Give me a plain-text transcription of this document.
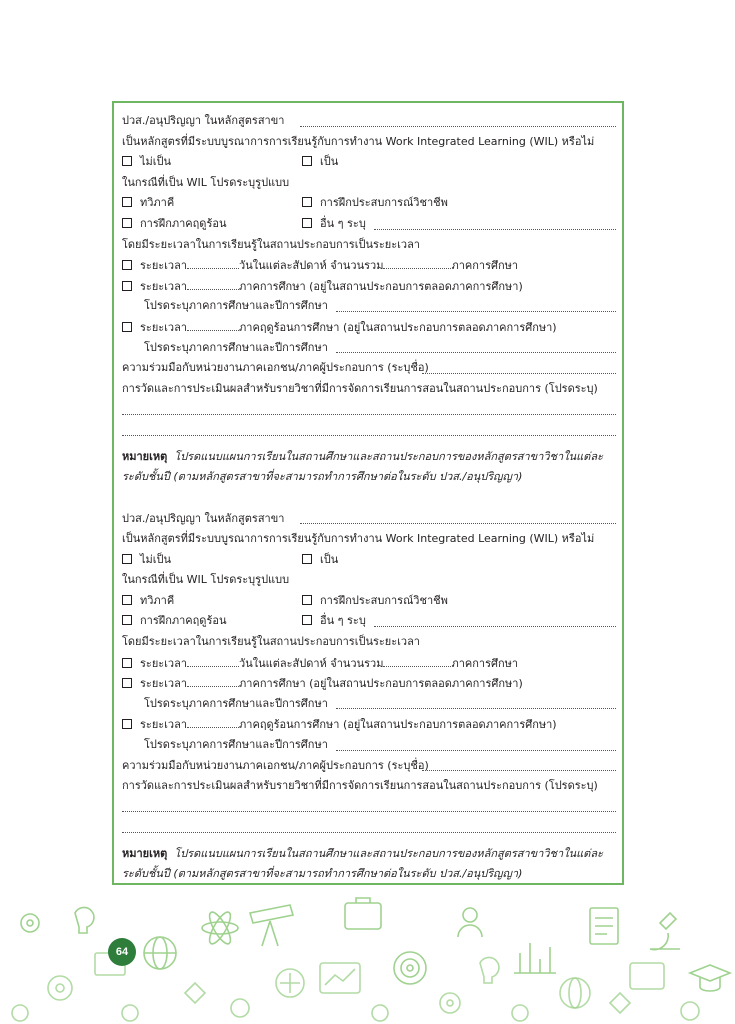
ปวส./อนุปริญญา ในหลักสูตรสาขา
เป็นหลักสูตรที่มีระบบบูรณาการการเรียนรู้กับการทำงาน Work Integrated Learning (WIL) หรือไม่
ไม่เป็น	เป็น
ในกรณีที่เป็น WIL โปรดระบุรูปแบบ
ทวิภาคี	การฝึกประสบการณ์วิชาชีพ
การฝึกภาคฤดูร้อน	อื่น ๆ ระบุ
โดยมีระยะเวลาในการเรียนรู้ในสถานประกอบการเป็นระยะเวลา
ระยะเวลา	วันในแต่ละสัปดาห์ จำนวนรวม	ภาคการศึกษา
ระยะเวลา	ภาคการศึกษา (อยู่ในสถานประกอบการตลอดภาคการศึกษา)
โปรดระบุภาคการศึกษาและปีการศึกษา
ระยะเวลา	ภาคฤดูร้อนการศึกษา (อยู่ในสถานประกอบการตลอดภาคการศึกษา)
โปรดระบุภาคการศึกษาและปีการศึกษา
ความร่วมมือกับหน่วยงานภาคเอกชน/ภาคผู้ประกอบการ (ระบุชื่อ)
การวัดและการประเมินผลสำหรับรายวิชาที่มีการจัดการเรียนการสอนในสถานประกอบการ (โปรดระบุ)
หมายเหตุ โปรดแนบแผนการเรียนในสถานศึกษาและสถานประกอบการของหลักสูตรสาขาวิชาในแต่ละระดับชั้นปี (ตามหลักสูตรสาขาที่จะสามารถทำการศึกษาต่อในระดับ ปวส./อนุปริญญา)
ปวส./อนุปริญญา ในหลักสูตรสาขา
เป็นหลักสูตรที่มีระบบบูรณาการการเรียนรู้กับการทำงาน Work Integrated Learning (WIL) หรือไม่
ไม่เป็น	เป็น
ในกรณีที่เป็น WIL โปรดระบุรูปแบบ
ทวิภาคี	การฝึกประสบการณ์วิชาชีพ
การฝึกภาคฤดูร้อน	อื่น ๆ ระบุ
โดยมีระยะเวลาในการเรียนรู้ในสถานประกอบการเป็นระยะเวลา
ระยะเวลา	วันในแต่ละสัปดาห์ จำนวนรวม	ภาคการศึกษา
ระยะเวลา	ภาคการศึกษา (อยู่ในสถานประกอบการตลอดภาคการศึกษา)
โปรดระบุภาคการศึกษาและปีการศึกษา
ระยะเวลา	ภาคฤดูร้อนการศึกษา (อยู่ในสถานประกอบการตลอดภาคการศึกษา)
โปรดระบุภาคการศึกษาและปีการศึกษา
ความร่วมมือกับหน่วยงานภาคเอกชน/ภาคผู้ประกอบการ (ระบุชื่อ)
การวัดและการประเมินผลสำหรับรายวิชาที่มีการจัดการเรียนการสอนในสถานประกอบการ (โปรดระบุ)
หมายเหตุ โปรดแนบแผนการเรียนในสถานศึกษาและสถานประกอบการของหลักสูตรสาขาวิชาในแต่ละระดับชั้นปี (ตามหลักสูตรสาขาที่จะสามารถทำการศึกษาต่อในระดับ ปวส./อนุปริญญา)
64
